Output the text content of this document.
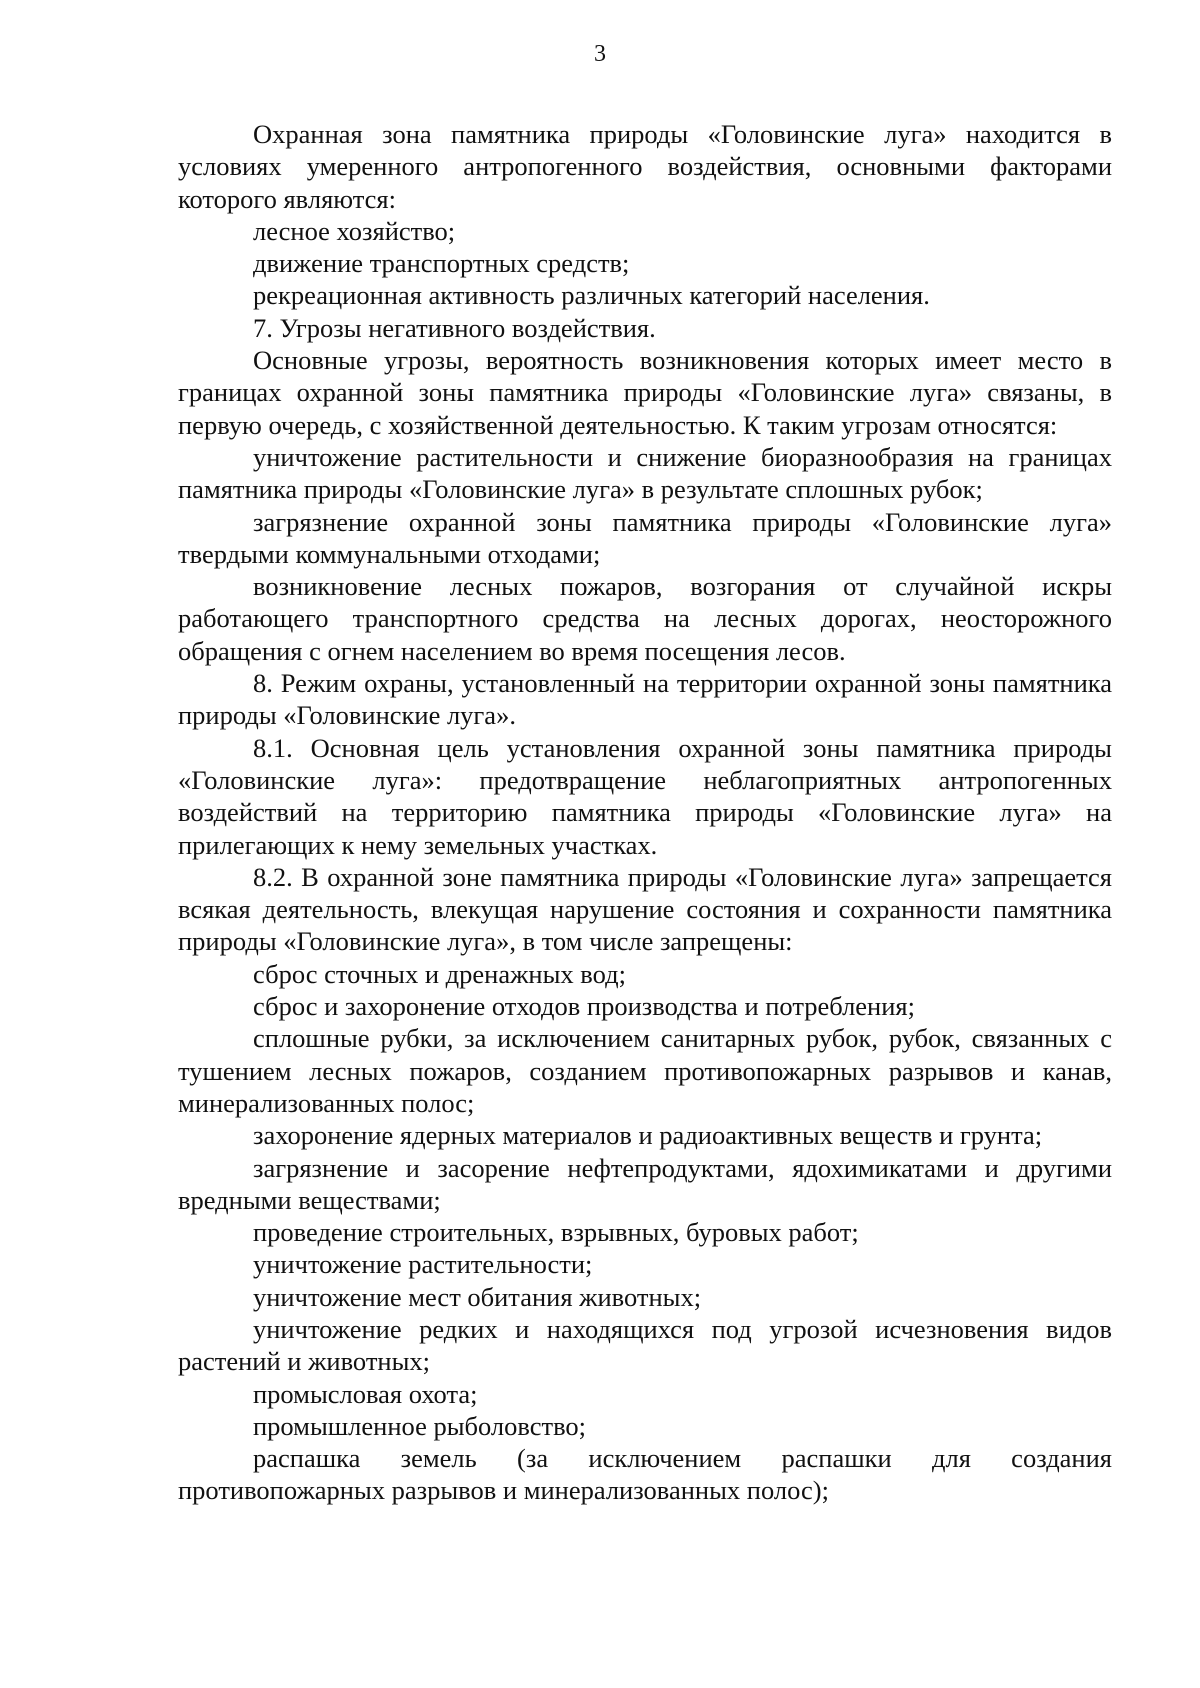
3

Охранная зона памятника природы «Головинские луга» находится в условиях умеренного антропогенного воздействия, основными факторами которого являются:

лесное хозяйство;

движение транспортных средств;

рекреационная активность различных категорий населения.

7. Угрозы негативного воздействия.

Основные угрозы, вероятность возникновения которых имеет место в границах охранной зоны памятника природы «Головинские луга» связаны, в первую очередь, с хозяйственной деятельностью. К таким угрозам относятся:

уничтожение растительности и снижение биоразнообразия на границах памятника природы «Головинские луга» в результате сплошных рубок;

загрязнение охранной зоны памятника природы «Головинские луга» твердыми коммунальными отходами;

возникновение лесных пожаров, возгорания от случайной искры работающего транспортного средства на лесных дорогах, неосторожного обращения с огнем населением во время посещения лесов.

8. Режим охраны, установленный на территории охранной зоны памятника природы «Головинские луга».

8.1. Основная цель установления охранной зоны памятника природы «Головинские луга»: предотвращение неблагоприятных антропогенных воздействий на территорию памятника природы «Головинские луга» на прилегающих к нему земельных участках.

8.2. В охранной зоне памятника природы «Головинские луга» запрещается всякая деятельность, влекущая нарушение состояния и сохранности памятника природы «Головинские луга», в том числе запрещены:

сброс сточных и дренажных вод;

сброс и захоронение отходов производства и потребления;

сплошные рубки, за исключением санитарных рубок, рубок, связанных с тушением лесных пожаров, созданием противопожарных разрывов и канав, минерализованных полос;

захоронение ядерных материалов и радиоактивных веществ и грунта;

загрязнение и засорение нефтепродуктами, ядохимикатами и другими вредными веществами;

проведение строительных, взрывных, буровых работ;

уничтожение растительности;

уничтожение мест обитания животных;

уничтожение редких и находящихся под угрозой исчезновения видов растений и животных;

промысловая охота;

промышленное рыболовство;

распашка земель (за исключением распашки для создания противопожарных разрывов и минерализованных полос);
